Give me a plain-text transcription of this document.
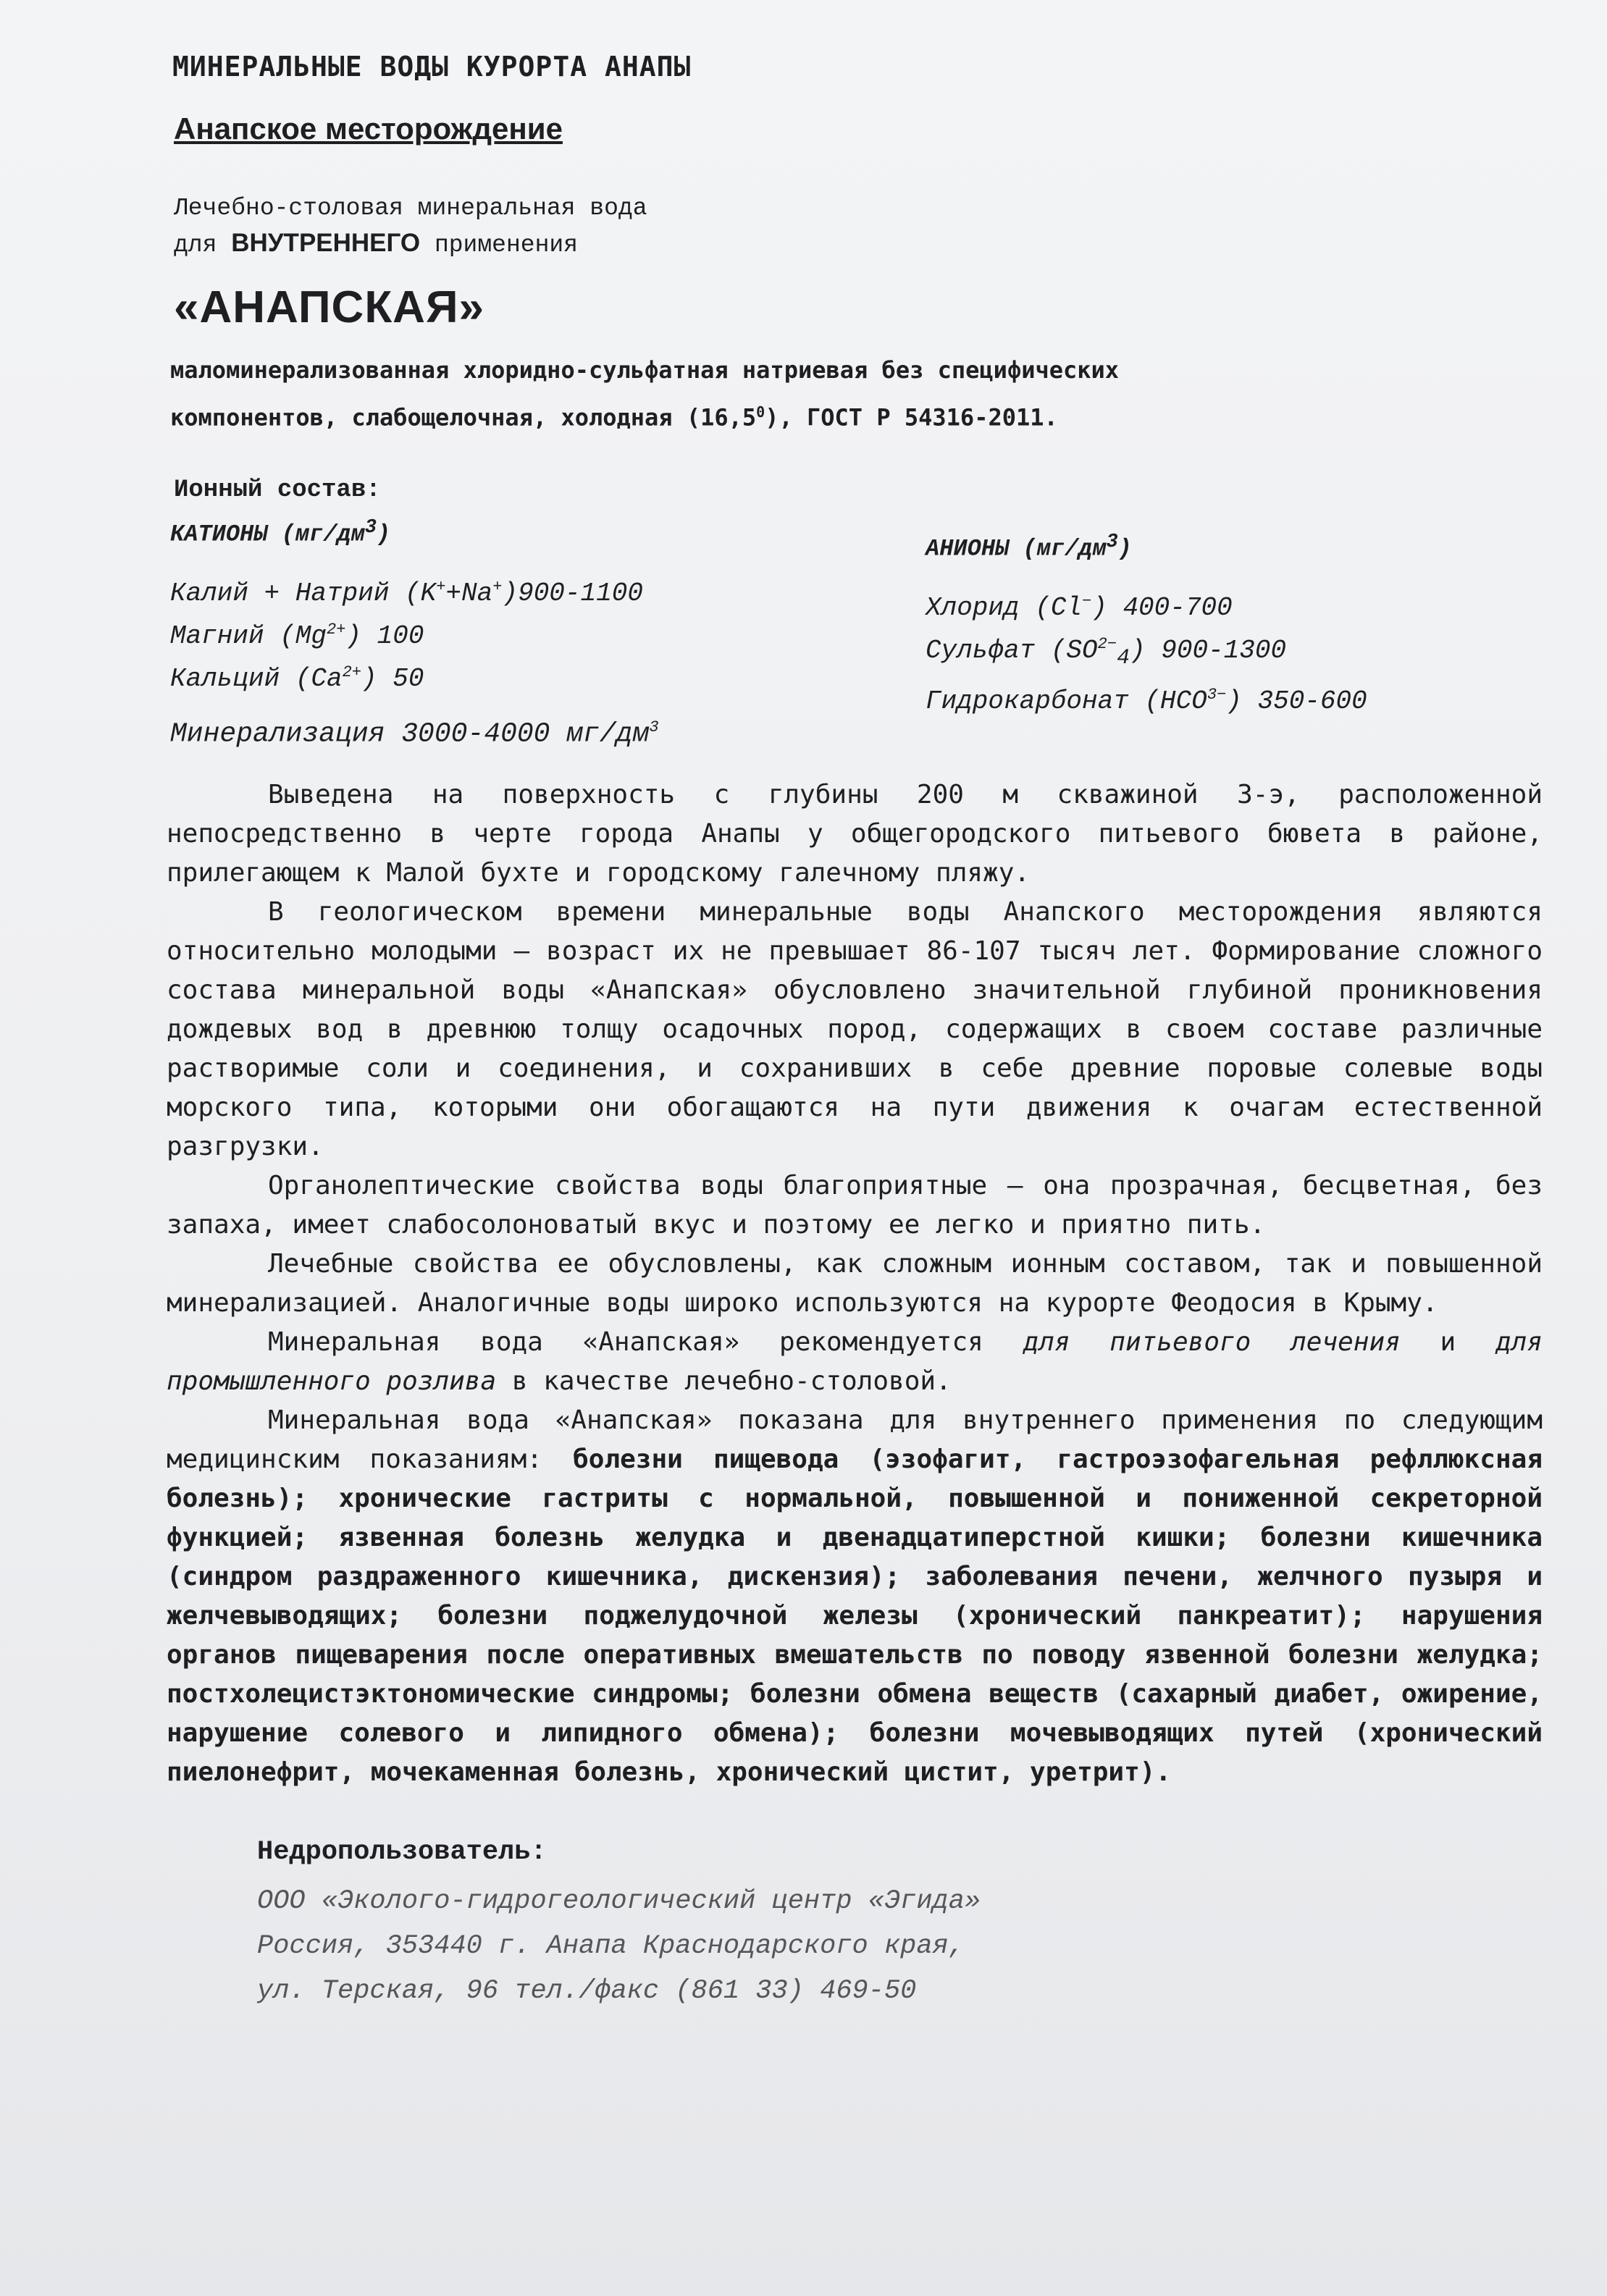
МИНЕРАЛЬНЫЕ ВОДЫ КУРОРТА АНАПЫ
Анапское месторождение
Лечебно-столовая минеральная вода
для ВНУТРЕННЕГО применения
«АНАПСКАЯ»
маломинерализованная хлоридно-сульфатная натриевая без специфических
компонентов, слабощелочная, холодная (16,5$^0$), ГОСТ Р 54316-2011.
Ионный состав:
КАТИОНЫ $(мг/дм^3)$
Калий + Натрий (K++Na+)900-1100
Магний $(Mg^{2+})$ 100
Кальций $(Ca^{2+})$ 50
АНИОНЫ $(мг/дм^3)$
Хлорид (Cl−) 400-700
Сульфат $(SO^{2-}_4)$ 900-1300
Гидрокарбонат $(HCO^{3-})$ 350-600
Минерализация 3000-4000 $мг/дм^3$

Выведена на поверхность с глубины 200 м скважиной 3-э, расположенной непосредственно в черте города Анапы у общегородского питьевого бювета в районе, прилегающем к Малой бухте и городскому галечному пляжу.

В геологическом времени минеральные воды Анапского месторождения являются относительно молодыми – возраст их не превышает 86-107 тысяч лет. Формирование сложного состава минеральной воды «Анапская» обусловлено значительной глубиной проникновения дождевых вод в древнюю толщу осадочных пород, содержащих в своем составе различные растворимые соли и соединения, и сохранивших в себе древние поровые солевые воды морского типа, которыми они обогащаются на пути движения к очагам естественной разгрузки.

Органолептические свойства воды благоприятные – она прозрачная, бесцветная, без запаха, имеет слабосолоноватый вкус и поэтому ее легко и приятно пить.

Лечебные свойства ее обусловлены, как сложным ионным составом, так и повышенной минерализацией. Аналогичные воды широко используются на курорте Феодосия в Крыму.

Минеральная вода «Анапская» рекомендуется для питьевого лечения и для промышленного розлива в качестве лечебно-столовой.

Минеральная вода «Анапская» показана для внутреннего применения по следующим медицинским показаниям: болезни пищевода (эзофагит, гастроэзофагельная рефллюксная болезнь); хронические гастриты с нормальной, повышенной и пониженной секреторной функцией; язвенная болезнь желудка и двенадцатиперстной кишки; болезни кишечника (синдром раздраженного кишечника, дискензия); заболевания печени, желчного пузыря и желчевыводящих; болезни поджелудочной железы (хронический панкреатит); нарушения органов пищеварения после оперативных вмешательств по поводу язвенной болезни желудка; постхолецистэктономические синдромы; болезни обмена веществ (сахарный диабет, ожирение, нарушение солевого и липидного обмена); болезни мочевыводящих путей (хронический пиелонефрит, мочекаменная болезнь, хронический цистит, уретрит).

Недропользователь:
ООО «Эколого-гидрогеологический центр «Эгида»
Россия, 353440 г. Анапа Краснодарского края,
ул. Терская, 96 тел./факс (861 33) 469-50
